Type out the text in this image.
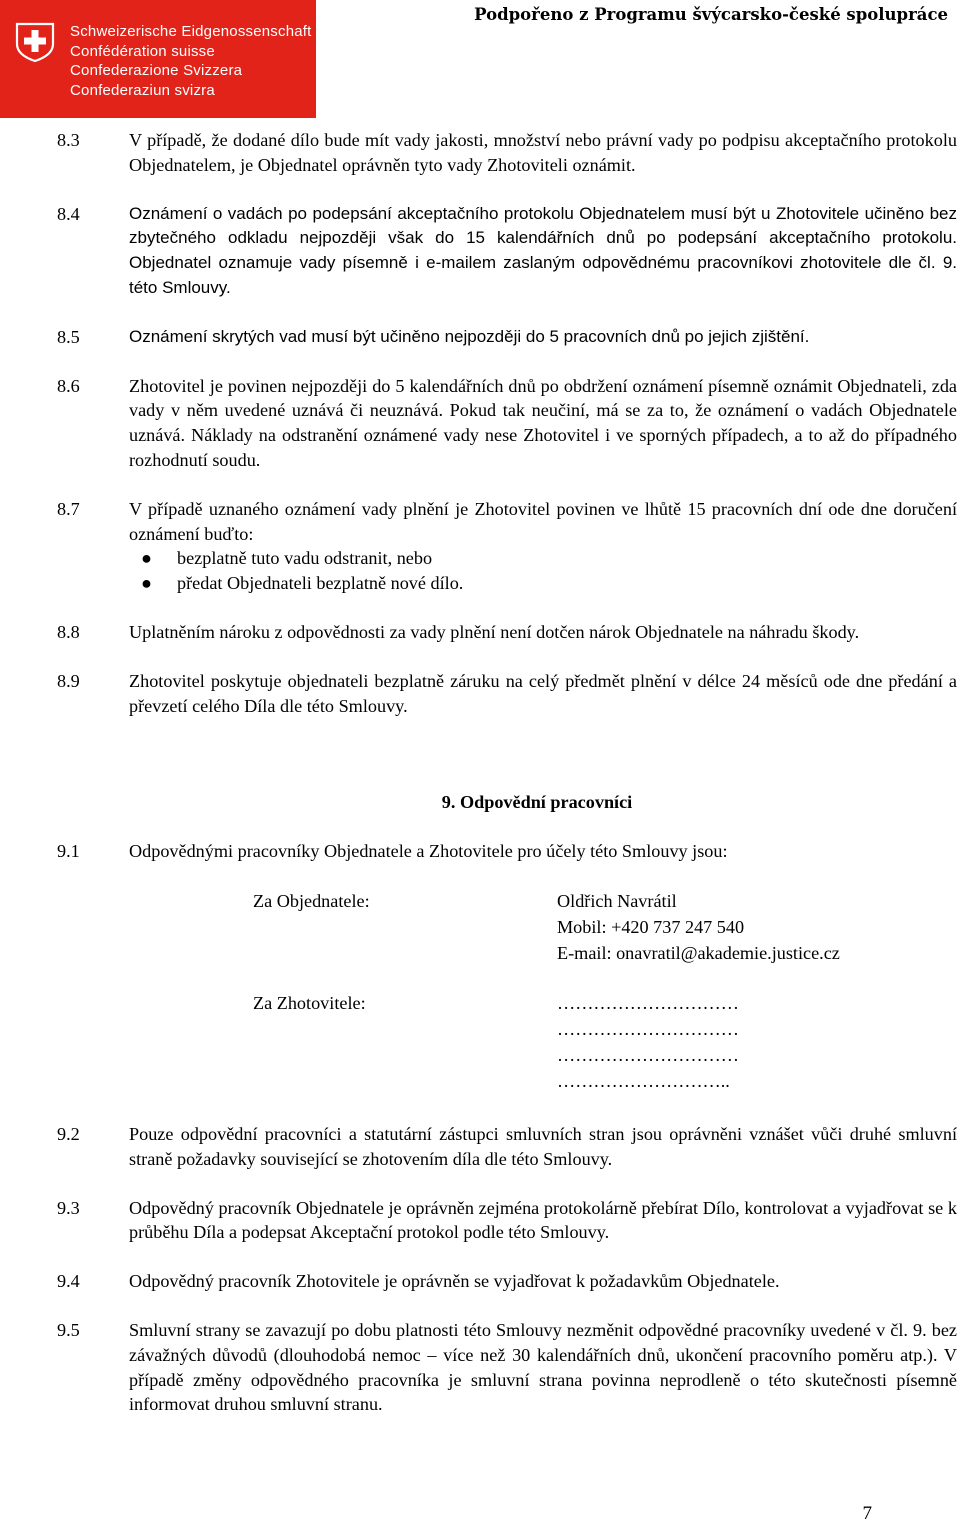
Schweizerische Eidgenossenschaft
Confédération suisse
Confederazione Svizzera
Confederaziun svizra
Podpořeno z Programu švýcarsko-české spolupráce
8.3	V případě, že dodané dílo bude mít vady jakosti, množství nebo právní vady po podpisu akceptačního protokolu Objednatelem, je Objednatel oprávněn tyto vady Zhotoviteli oznámit.
8.4	Oznámení o vadách po podepsání akceptačního protokolu Objednatelem musí být u Zhotovitele učiněno bez zbytečného odkladu nejpozději však do 15 kalendářních dnů po podepsání akceptačního protokolu. Objednatel oznamuje vady písemně i e-mailem zaslaným odpovědnému pracovníkovi zhotovitele dle čl. 9. této Smlouvy.
8.5	Oznámení skrytých vad musí být učiněno nejpozději do 5 pracovních dnů po jejich zjištění.
8.6	Zhotovitel je povinen nejpozději do 5 kalendářních dnů po obdržení oznámení písemně oznámit Objednateli, zda vady v něm uvedené uznává či neuznává. Pokud tak neučiní, má se za to, že oznámení o vadách Objednatele uznává. Náklady na odstranění oznámené vady nese Zhotovitel i ve sporných případech, a to až do případného rozhodnutí soudu.
8.7	V případě uznaného oznámení vady plnění je Zhotovitel povinen ve lhůtě 15 pracovních dní ode dne doručení oznámení buďto:
●	bezplatně tuto vadu odstranit, nebo
●	předat Objednateli bezplatně nové dílo.
8.8	Uplatněním nároku z odpovědnosti za vady plnění není dotčen nárok Objednatele na náhradu škody.
8.9	Zhotovitel poskytuje objednateli bezplatně záruku na celý předmět plnění v délce 24 měsíců ode dne předání a převzetí celého Díla dle této Smlouvy.
9. Odpovědní pracovníci
9.1	Odpovědnými pracovníky Objednatele a Zhotovitele pro účely této Smlouvy jsou:
Za Objednatele:	Oldřich Navrátil
Mobil: +420 737 247 540
E-mail: onavratil@akademie.justice.cz
Za Zhotovitele:	…………………………
…………………………
…………………………
………………………..
9.2	Pouze odpovědní pracovníci a statutární zástupci smluvních stran jsou oprávněni vznášet vůči druhé smluvní straně požadavky související se zhotovením díla dle této Smlouvy.
9.3	Odpovědný pracovník Objednatele je oprávněn zejména protokolárně přebírat Dílo, kontrolovat a vyjadřovat se k průběhu Díla a podepsat Akceptační protokol podle této Smlouvy.
9.4	Odpovědný pracovník Zhotovitele je oprávněn se vyjadřovat k požadavkům Objednatele.
9.5	Smluvní strany se zavazují po dobu platnosti této Smlouvy nezměnit odpovědné pracovníky uvedené v čl. 9. bez závažných důvodů (dlouhodobá nemoc – více než 30 kalendářních dnů, ukončení pracovního poměru atp.). V případě změny odpovědného pracovníka je smluvní strana povinna neprodleně o této skutečnosti písemně informovat druhou smluvní stranu.
7
